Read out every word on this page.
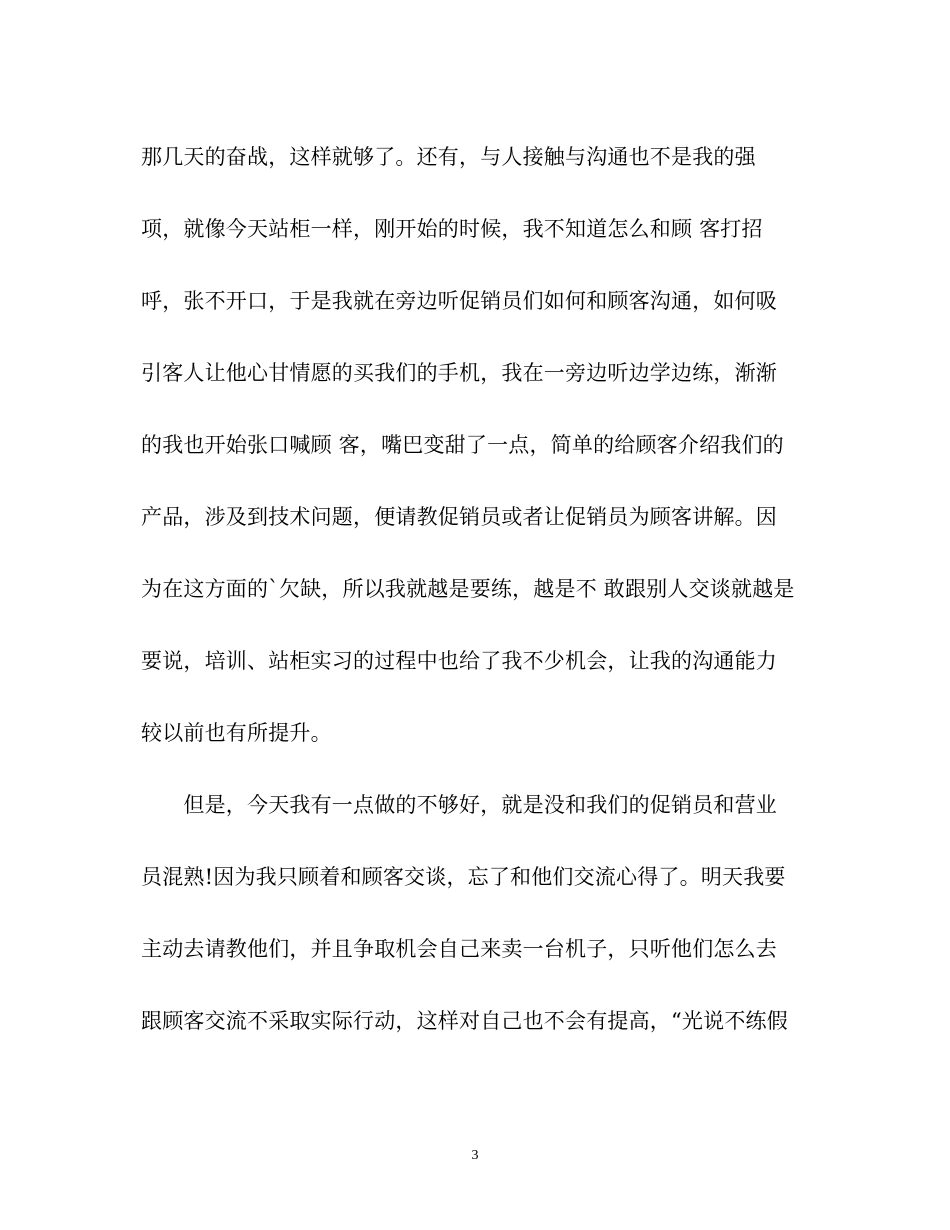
那几天的奋战，这样就够了。还有，与人接触与沟通也不是我的强
项，就像今天站柜一样，刚开始的时候，我不知道怎么和顾 客打招
呼，张不开口，于是我就在旁边听促销员们如何和顾客沟通，如何吸
引客人让他心甘情愿的买我们的手机，我在一旁边听边学边练，渐渐
的我也开始张口喊顾 客，嘴巴变甜了一点，简单的给顾客介绍我们的
产品，涉及到技术问题，便请教促销员或者让促销员为顾客讲解。因
为在这方面的`欠缺，所以我就越是要练，越是不 敢跟别人交谈就越是
要说，培训、站柜实习的过程中也给了我不少机会，让我的沟通能力
较以前也有所提升。
　　但是，今天我有一点做的不够好，就是没和我们的促销员和营业
员混熟!因为我只顾着和顾客交谈，忘了和他们交流心得了。明天我要
主动去请教他们，并且争取机会自己来卖一台机子，只听他们怎么去
跟顾客交流不采取实际行动，这样对自己也不会有提高，“光说不练假
3
